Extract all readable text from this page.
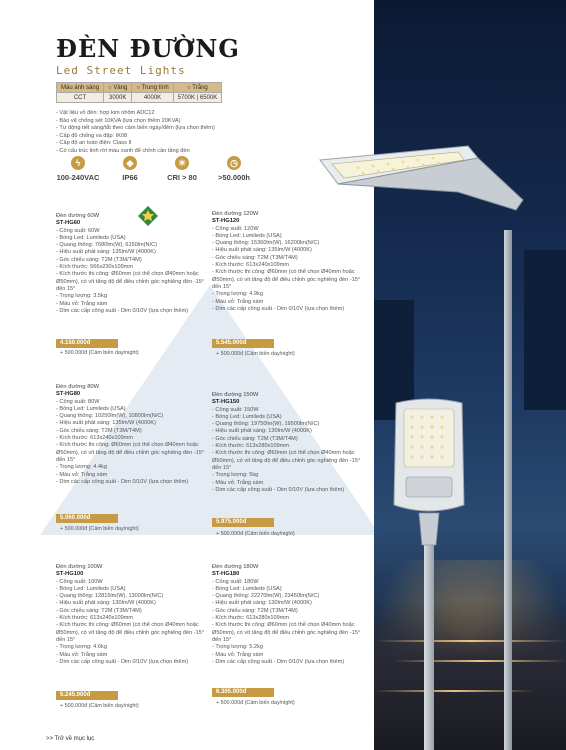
ĐÈN ĐƯỜNG
Led Street Lights
Màu ánh sáng	○ Vàng	○ Trung tính	○ Trắng
CCT	3000K	4000K	5700K | 6500K
- Vật liệu vỏ đèn: hợp kim nhôm ADC12
- Bảo vệ chống sét 10KVA (lựa chọn thêm 20KVA)
- Tự động tiết sáng/tắt theo cảm biến ngày/đêm (lựa chọn thêm)
- Cấp độ chống va đập: IK08
- Cấp độ an toàn điện: Class II
- Có cấu trúc tinh rời màu xanh để chỉnh cần tầng đèn
ϟ
100-240VAC
◆
IP66
☀
CRI > 80
◷
>50.000h
Đèn đường 60W
ST-HG60
- Công suất: 60W
- Bóng Led: Lumileds (USA)
- Quang thông: 7680lm(W), 6150lm(N/C)
- Hiệu suất phát sáng: 135lm/W (4000K)
- Góc chiếu sáng: T2M (T3M/T4M)
- Kích thước: 566x230x109mm
- Kích thước thi công: Ø60mm (có thể chọn Ø40mm hoặc Ø50mm), có vít tăng độ để điều chỉnh góc nghiêng đèn -15° đến 15°
- Trọng lượng: 3.5kg
- Màu vỏ: Trắng xám
- Dim các cấp công suất - Dim 0/10V (lựa chọn thêm)
4.150.000đ
+ 500.000đ (Cảm biến day/night)
Đèn đường 120W
ST-HG120
- Công suất: 120W
- Bóng Led: Lumileds (USA)
- Quang thông: 15360lm(W), 16200lm(N/C)
- Hiệu suất phát sáng: 135lm/W (4000K)
- Góc chiếu sáng: T2M (T3M/T4M)
- Kích thước: 613x240x109mm
- Kích thước thi công: Ø60mm (có thể chọn Ø40mm hoặc Ø50mm), có vít tăng độ để điều chỉnh góc nghiêng đèn -15° đến 15°
- Trọng lượng: 4.9kg
- Màu vỏ: Trắng xám
- Dim các cấp công suất - Dim 0/10V (lựa chọn thêm)
5.545.000đ
+ 500.000đ (Cảm biến day/night)
Đèn đường 80W
ST-HG80
- Công suất: 80W
- Bóng Led: Lumileds (USA)
- Quang thông: 10250lm(W), 10800lm(N/C)
- Hiệu suất phát sáng: 135lm/W (4000K)
- Góc chiếu sáng: T2M (T3M/T4M)
- Kích thước: 613x240x109mm
- Kích thước thi công: Ø60mm (có thể chọn Ø40mm hoặc Ø50mm), có vít tăng độ để điều chỉnh góc nghiêng đèn -15° đến 15°
- Trọng lượng: 4.4kg
- Màu vỏ: Trắng xám
- Dim các cấp công suất - Dim 0/10V (lựa chọn thêm)
5.060.000đ
+ 500.000đ (Cảm biến day/night)
Đèn đường 150W
ST-HG150
- Công suất: 150W
- Bóng Led: Lumileds (USA)
- Quang thông: 19750lm(W), 19500lm(N/C)
- Hiệu suất phát sáng: 130lm/W (4000K)
- Góc chiếu sáng: T2M (T3M/T4M)
- Kích thước: 613x280x109mm
- Kích thước thi công: Ø60mm (có thể chọn Ø40mm hoặc Ø50mm), có vít tăng độ để điều chỉnh góc nghiêng đèn -15° đến 15°
- Trọng lượng: 5kg
- Màu vỏ: Trắng xám
- Dim các cấp công suất - Dim 0/10V (lựa chọn thêm)
5.975.000đ
+ 500.000đ (Cảm biến day/night)
Đèn đường 100W
ST-HG100
- Công suất: 100W
- Bóng Led: Lumileds (USA)
- Quang thông: 12815lm(W), 13000lm(N/C)
- Hiệu suất phát sáng: 130lm/W (4000K)
- Góc chiếu sáng: T2M (T3M/T4M)
- Kích thước: 613x240x109mm
- Kích thước thi công: Ø60mm (có thể chọn Ø40mm hoặc Ø50mm), có vít tăng độ để điều chỉnh góc nghiêng đèn -15° đến 15°
- Trọng lượng: 4.6kg
- Màu vỏ: Trắng xám
- Dim các cấp công suất - Dim 0/10V (lựa chọn thêm)
5.245.000đ
+ 500.000đ (Cảm biến day/night)
Đèn đường 180W
ST-HG180
- Công suất: 180W
- Bóng Led: Lumileds (USA)
- Quang thông: 22270lm(W), 23450lm(N/C)
- Hiệu suất phát sáng: 130lm/W (4000K)
- Góc chiếu sáng: T2M (T3M/T4M)
- Kích thước: 613x280x109mm
- Kích thước thi công: Ø60mm (có thể chọn Ø40mm hoặc Ø50mm), có vít tăng độ để điều chỉnh góc nghiêng đèn -15° đến 15°
- Trọng lượng: 5.2kg
- Màu vỏ: Trắng xám
- Dim các cấp công suất - Dim 0/10V (lựa chọn thêm)
6.305.000đ
+ 500.000đ (Cảm biến day/night)
>> Trở về mục lục
